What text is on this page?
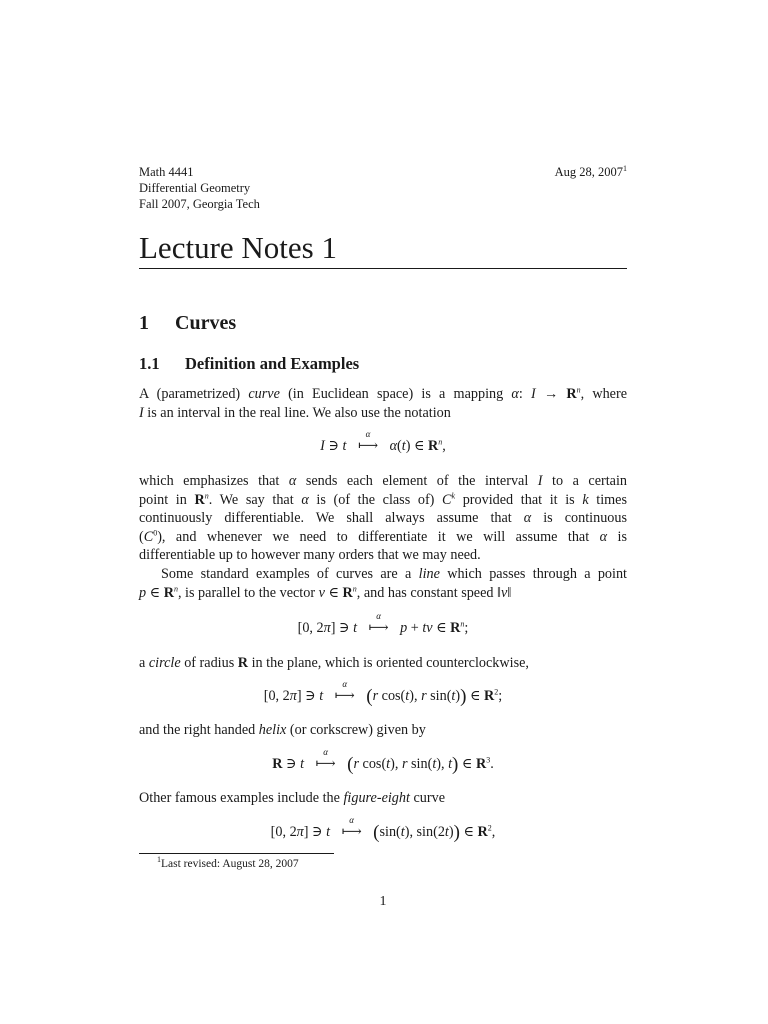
Math 4441
Differential Geometry
Fall 2007, Georgia Tech
Aug 28, 2007$^1$
Lecture Notes 1
1 Curves
1.1 Definition and Examples
A (parametrized) curve (in Euclidean space) is a mapping α: $I \to R^n$, where
I is an interval in the real line. We also use the notation
I ∋ t
α
⟼ α(t) ∈ $R^n$,
which emphasizes that α sends each element of the interval I to a certain
point in $R^n$. We say that α is (of the class of) $C^k$ provided that it is k times
continuously differentiable. We shall always assume that α is continuous
$(C^0)$, and whenever we need to differentiate it we will assume that α is
differentiable up to however many orders that we may need.
Some standard examples of curves are a line which passes through a point
p ∈ $R^n$, is parallel to the vector v ∈ $R^n$, and has constant speed ‖v‖
[0, 2π] ∋ t
α
⟼ p + tv ∈ $R^n$;
a circle of radius R in the plane, which is oriented counterclockwise,
[0, 2π] ∋ t
α
⟼ (r cos(t), r sin(t)) ∈ $R^2$;
and the right handed helix (or corkscrew) given by
R ∋ t
α
⟼ (r cos(t), r sin(t), t) ∈ $R^3$.
Other famous examples include the figure-eight curve
[0, 2π] ∋ t
α
⟼ (sin(t), sin(2t)) ∈ $R^2$,
$^1$Last revised: August 28, 2007
1
